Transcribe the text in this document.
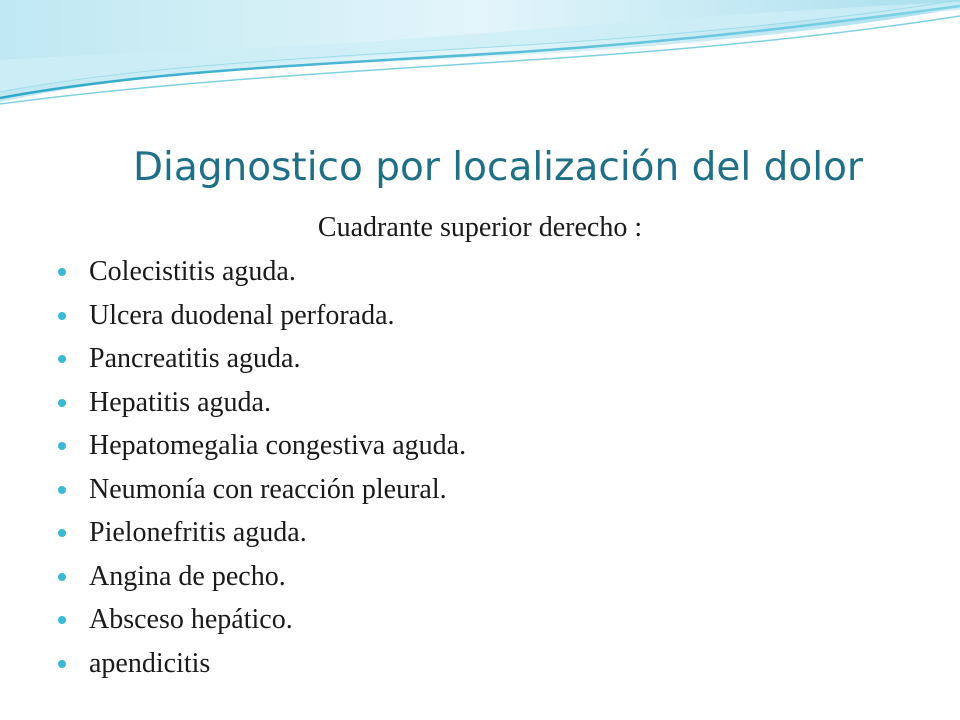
Diagnostico por localización del dolor
Cuadrante superior derecho :
Colecistitis aguda.
Ulcera duodenal perforada.
Pancreatitis aguda.
Hepatitis aguda.
Hepatomegalia congestiva aguda.
Neumonía con reacción pleural.
Pielonefritis aguda.
Angina de pecho.
Absceso hepático.
apendicitis
